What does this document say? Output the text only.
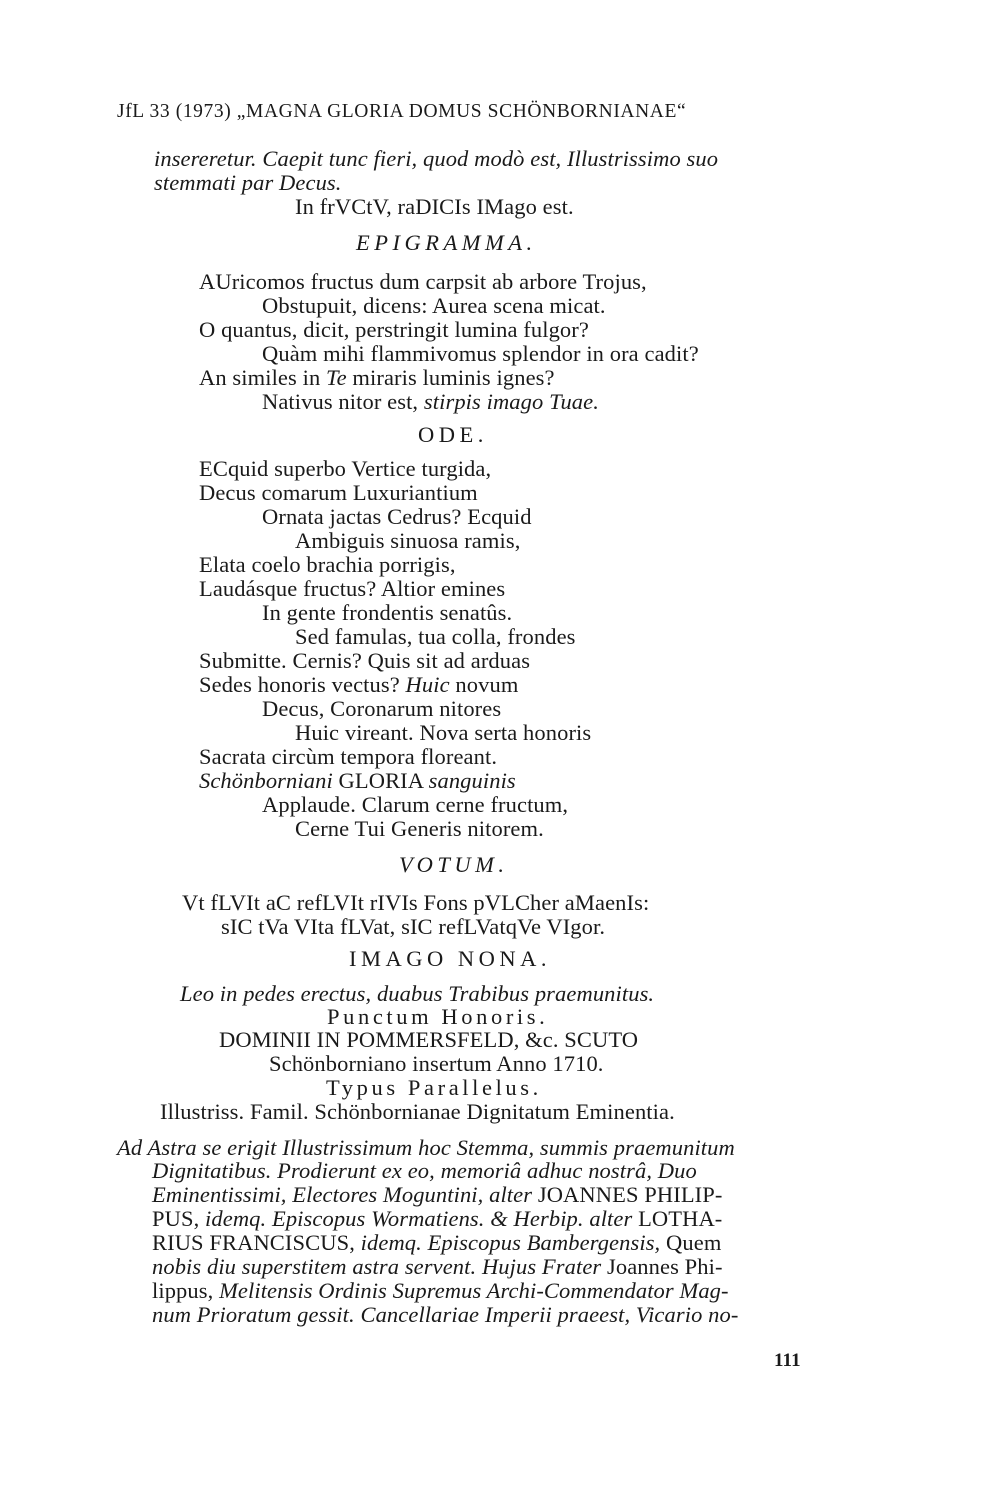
JfL 33 (1973) „MAGNA GLORIA DOMUS SCHÖNBORNIANAE“
insereretur. Caepit tunc fieri, quod modò est, Illustrissimo suo
stemmati par Decus.
In frVCtV, raDICIs IMago est.
EPIGRAMMA.
AUricomos fructus dum carpsit ab arbore Trojus,
Obstupuit, dicens: Aurea scena micat.
O quantus, dicit, perstringit lumina fulgor?
Quàm mihi flammivomus splendor in ora cadit?
An similes in Te miraris luminis ignes?
Nativus nitor est, stirpis imago Tuae.
ODE.
ECquid superbo Vertice turgida,
Decus comarum Luxuriantium
Ornata jactas Cedrus? Ecquid
Ambiguis sinuosa ramis,
Elata coelo brachia porrigis,
Laudásque fructus? Altior emines
In gente frondentis senatûs.
Sed famulas, tua colla, frondes
Submitte. Cernis? Quis sit ad arduas
Sedes honoris vectus? Huic novum
Decus, Coronarum nitores
Huic vireant. Nova serta honoris
Sacrata circùm tempora floreant.
Schönborniani GLORIA sanguinis
Applaude. Clarum cerne fructum,
Cerne Tui Generis nitorem.
VOTUM.
Vt fLVIt aC refLVIt rIVIs Fons pVLCher aMaenIs:
sIC tVa VIta fLVat, sIC refLVatqVe VIgor.
IMAGO NONA.
Leo in pedes erectus, duabus Trabibus praemunitus.
Punctum Honoris.
DOMINII IN POMMERSFELD, &c. SCUTO
Schönborniano insertum Anno 1710.
Typus Parallelus.
Illustriss. Famil. Schönbornianae Dignitatum Eminentia.
Ad Astra se erigit Illustrissimum hoc Stemma, summis praemunitum
Dignitatibus. Prodierunt ex eo, memoriâ adhuc nostrâ, Duo
Eminentissimi, Electores Moguntini, alter JOANNES PHILIP-
PUS, idemq. Episcopus Wormatiens. & Herbip. alter LOTHA-
RIUS FRANCISCUS, idemq. Episcopus Bambergensis, Quem
nobis diu superstitem astra servent. Hujus Frater Joannes Phi-
lippus, Melitensis Ordinis Supremus Archi-Commendator Mag-
num Prioratum gessit. Cancellariae Imperii praeest, Vicario no-
111
